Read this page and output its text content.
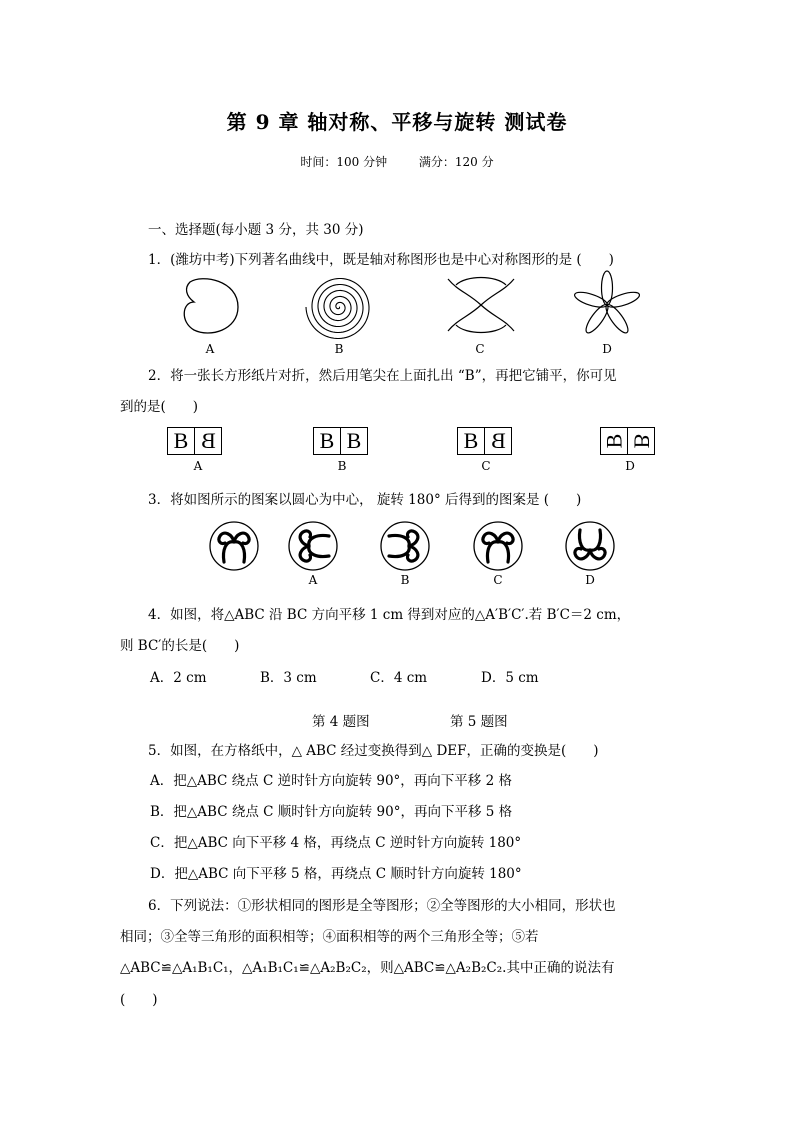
第 9 章 轴对称、平移与旋转 测试卷
时间：100 分钟	满分：120 分
一、选择题(每小题 3 分，共 30 分)
1．(潍坊中考)下列著名曲线中，既是轴对称图形也是中心对称图形的是 (　　)
A	B	C	D
2．将一张长方形纸片对折，然后用笔尖在上面扎出 “B”，再把它铺平，你可见
到的是(　　)
B B	B B	B B	B B
A	B	C	D
3．将如图所示的图案以圆心为中心， 旋转 180° 后得到的图案是 (　　)
A	B	C	D
4．如图，将△ABC 沿 BC 方向平移 1 cm 得到对应的△A′B′C′.若 B′C＝2 cm，
则 BC′的长是(　　)
A．2 cm	B．3 cm	C．4 cm	D．5 cm
第 4 题图	第 5 题图
5．如图，在方格纸中，△ ABC 经过变换得到△ DEF，正确的变换是(　　)
A．把△ABC 绕点 C 逆时针方向旋转 90°，再向下平移 2 格
B．把△ABC 绕点 C 顺时针方向旋转 90°，再向下平移 5 格
C．把△ABC 向下平移 4 格，再绕点 C 逆时针方向旋转 180°
D．把△ABC 向下平移 5 格，再绕点 C 顺时针方向旋转 180°
6．下列说法：①形状相同的图形是全等图形；②全等图形的大小相同，形状也
相同；③全等三角形的面积相等；④面积相等的两个三角形全等；⑤若
△ABC≌△A₁B₁C₁，△A₁B₁C₁≌△A₂B₂C₂，则△ABC≌△A₂B₂C₂.其中正确的说法有
(　　)
